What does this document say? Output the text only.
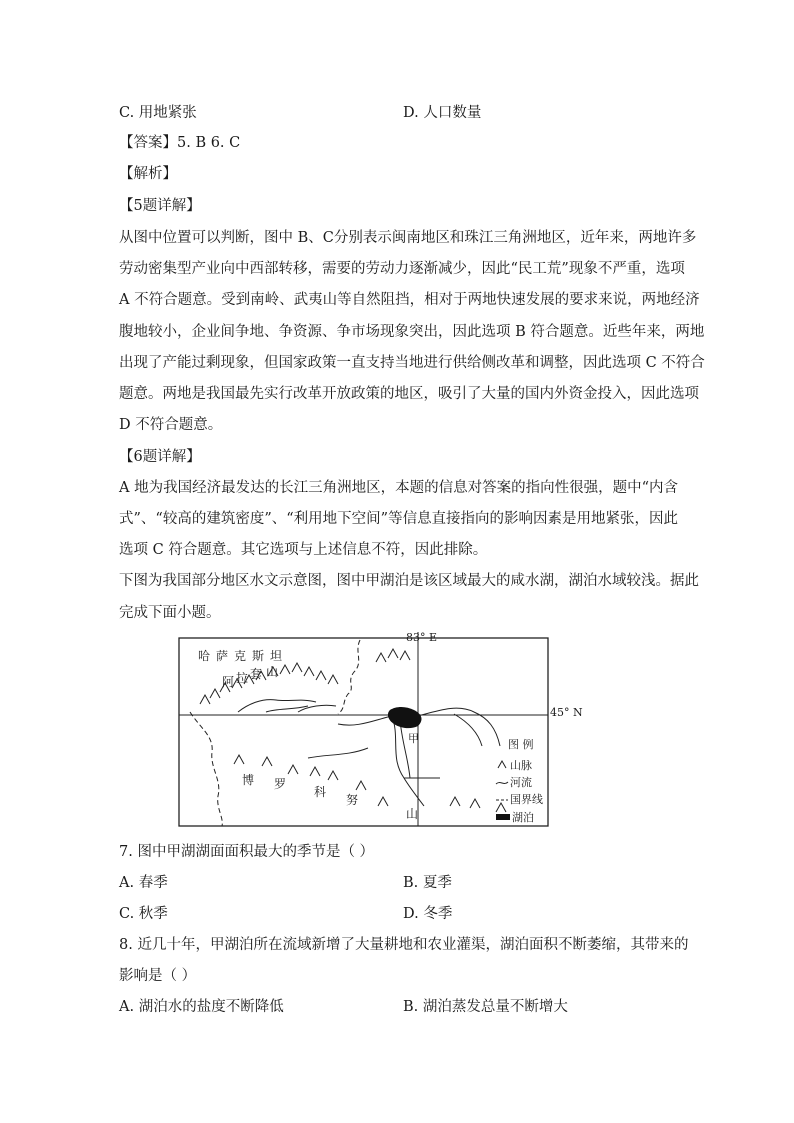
C. 用地紧张	D. 人口数量
【答案】5. B 6. C
【解析】
【5题详解】
从图中位置可以判断，图中 B、C分别表示闽南地区和珠江三角洲地区，近年来，两地许多
劳动密集型产业向中西部转移，需要的劳动力逐渐减少，因此“民工荒”现象不严重，选项
A 不符合题意。受到南岭、武夷山等自然阻挡，相对于两地快速发展的要求来说，两地经济
腹地较小，企业间争地、争资源、争市场现象突出，因此选项 B 符合题意。近些年来，两地
出现了产能过剩现象，但国家政策一直支持当地进行供给侧改革和调整，因此选项 C 不符合
题意。两地是我国最先实行改革开放政策的地区，吸引了大量的国内外资金投入，因此选项
D 不符合题意。
【6题详解】
A 地为我国经济最发达的长江三角洲地区，本题的信息对答案的指向性很强，题中“内含
式”、“较高的建筑密度”、“利用地下空间”等信息直接指向的影响因素是用地紧张，因此
选项 C 符合题意。其它选项与上述信息不符，因此排除。
下图为我国部分地区水文示意图，图中甲湖泊是该区域最大的咸水湖，湖泊水域较浅。据此
完成下面小题。
83° E
甲
哈 萨 克 斯 坦
阿 拉 套 山
博 罗
科
努
山
图 例
山脉
河流
国界线
湖泊
45° N
7. 图中甲湖湖面面积最大的季节是（ ）
A. 春季	B. 夏季
C. 秋季	D. 冬季
8. 近几十年，甲湖泊所在流域新增了大量耕地和农业灌渠，湖泊面积不断萎缩，其带来的
影响是（ ）
A. 湖泊水的盐度不断降低	B. 湖泊蒸发总量不断增大
